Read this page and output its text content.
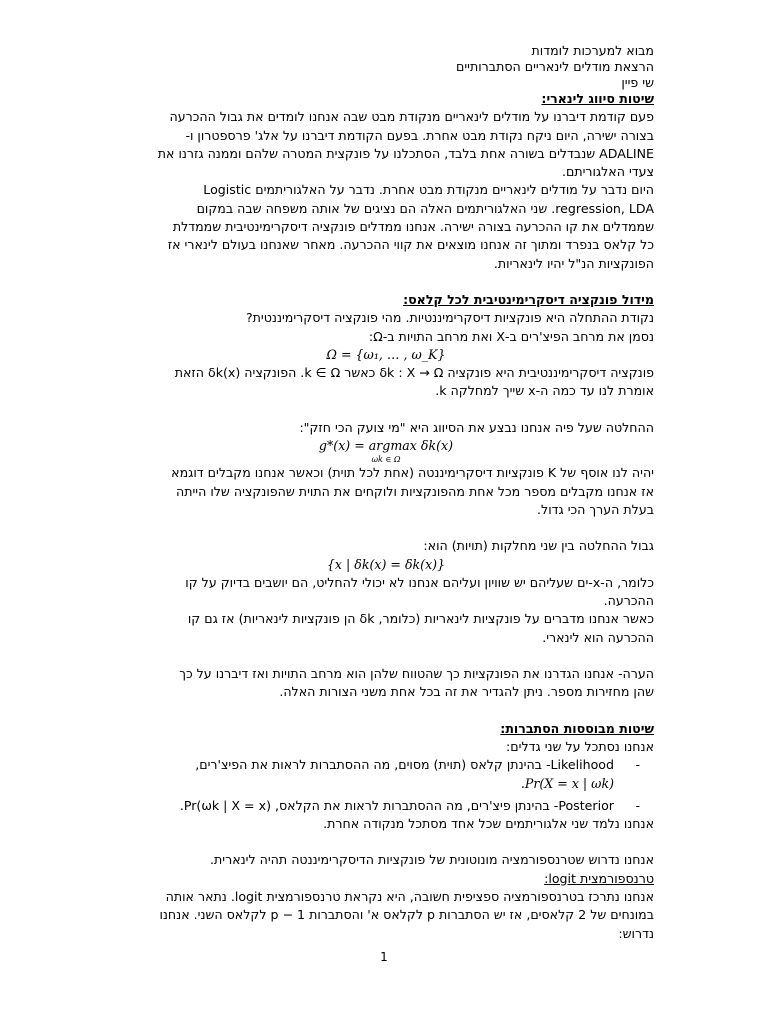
מבוא למערכות לומדות
הרצאת מודלים לינאריים הסתברותיים
שי פיין

שיטות סיווג לינארי:

פעם קודמת דיברנו על מודלים לינאריים מנקודת מבט שבה אנחנו לומדים את גבול ההכרעה

בצורה ישירה, היום ניקח נקודת מבט אחרת. בפעם הקודמת דיברנו על אלג' פרספטרון ו-

ADALINE שנבדלים בשורה אחת בלבד, הסתכלנו על פונקצית המטרה שלהם וממנה גזרנו את

צעדי האלגוריתם.

היום נדבר על מודלים לינאריים מנקודת מבט אחרת. נדבר על האלגוריתמים Logistic

regression, LDA. שני האלגוריתמים האלה הם נציגים של אותה משפחה שבה במקום

שממדלים את קו ההכרעה בצורה ישירה. אנחנו ממדלים פונקציה דיסקרימינטיבית שממדלת

כל קלאס בנפרד ומתוך זה אנחנו מוצאים את קווי ההכרעה. מאחר שאנחנו בעולם לינארי אז

הפונקציות הנ"ל יהיו לינאריות.

מידול פונקציה דיסקרימינטיבית לכל קלאס:

נקודת ההתחלה היא פונקציות דיסקרימיננטיות. מהי פונקציה דיסקרימיננטית?

נסמן את מרחב הפיצ'רים ב-X ואת מרחב התויות ב-Ω:

Ω = {ω₁, … , ω_K}

פונקציה דיסקרימיננטיבית היא פונקציה δk : X → Ω כאשר k ∈ Ω. הפונקציה δk(x) הזאת

אומרת לנו עד כמה ה-x שייך למחלקה k.

ההחלטה שעל פיה אנחנו נבצע את הסיווג היא "מי צועק הכי חזק":

g*(x) = argmax δk(x)

ωk ∈ Ω

יהיה לנו אוסף של K פונקציות דיסקרימיננטה (אחת לכל תוית) וכאשר אנחנו מקבלים דוגמא

אז אנחנו מקבלים מספר מכל אחת מהפונקציות ולוקחים את התוית שהפונקציה שלו הייתה

בעלת הערך הכי גדול.

גבול ההחלטה בין שני מחלקות (תויות) הוא:

{x | δk(x) = δk(x)}

כלומר, ה-x-ים שעליהם יש שוויון ועליהם אנחנו לא יכולי להחליט, הם יושבים בדיוק על קו

ההכרעה.

כאשר אנחנו מדברים על פונקציות לינאריות (כלומר, δk הן פונקציות לינאריות) אז גם קו

ההכרעה הוא לינארי.

הערה- אנחנו הגדרנו את הפונקציות כך שהטווח שלהן הוא מרחב התויות ואז דיברנו על כך

שהן מחזירות מספר. ניתן להגדיר את זה בכל אחת משני הצורות האלה.

שיטות מבוססות הסתברות:

אנחנו נסתכל על שני גדלים:

-

Likelihood- בהינתן קלאס (תוית) מסוים, מה ההסתברות לראות את הפיצ'רים,

Pr(X = x | ωk).

-

Posterior- בהינתן פיצ'רים, מה ההסתברות לראות את הקלאס, Pr(ωk | X = x).

אנחנו נלמד שני אלגוריתמים שכל אחד מסתכל מנקודה אחרת.

אנחנו נדרוש שטרנספורמציה מונוטונית של פונקציות הדיסקרימיננטה תהיה לינארית.

טרנספורמצית logit:

אנחנו נתרכז בטרנספורמציה ספציפית חשובה, היא נקראת טרנספורמצית logit. נתאר אותה

במונחים של 2 קלאסים, אז יש הסתברות p לקלאס א' והסתברות 1 − p לקלאס השני. אנחנו

נדרוש:

1
